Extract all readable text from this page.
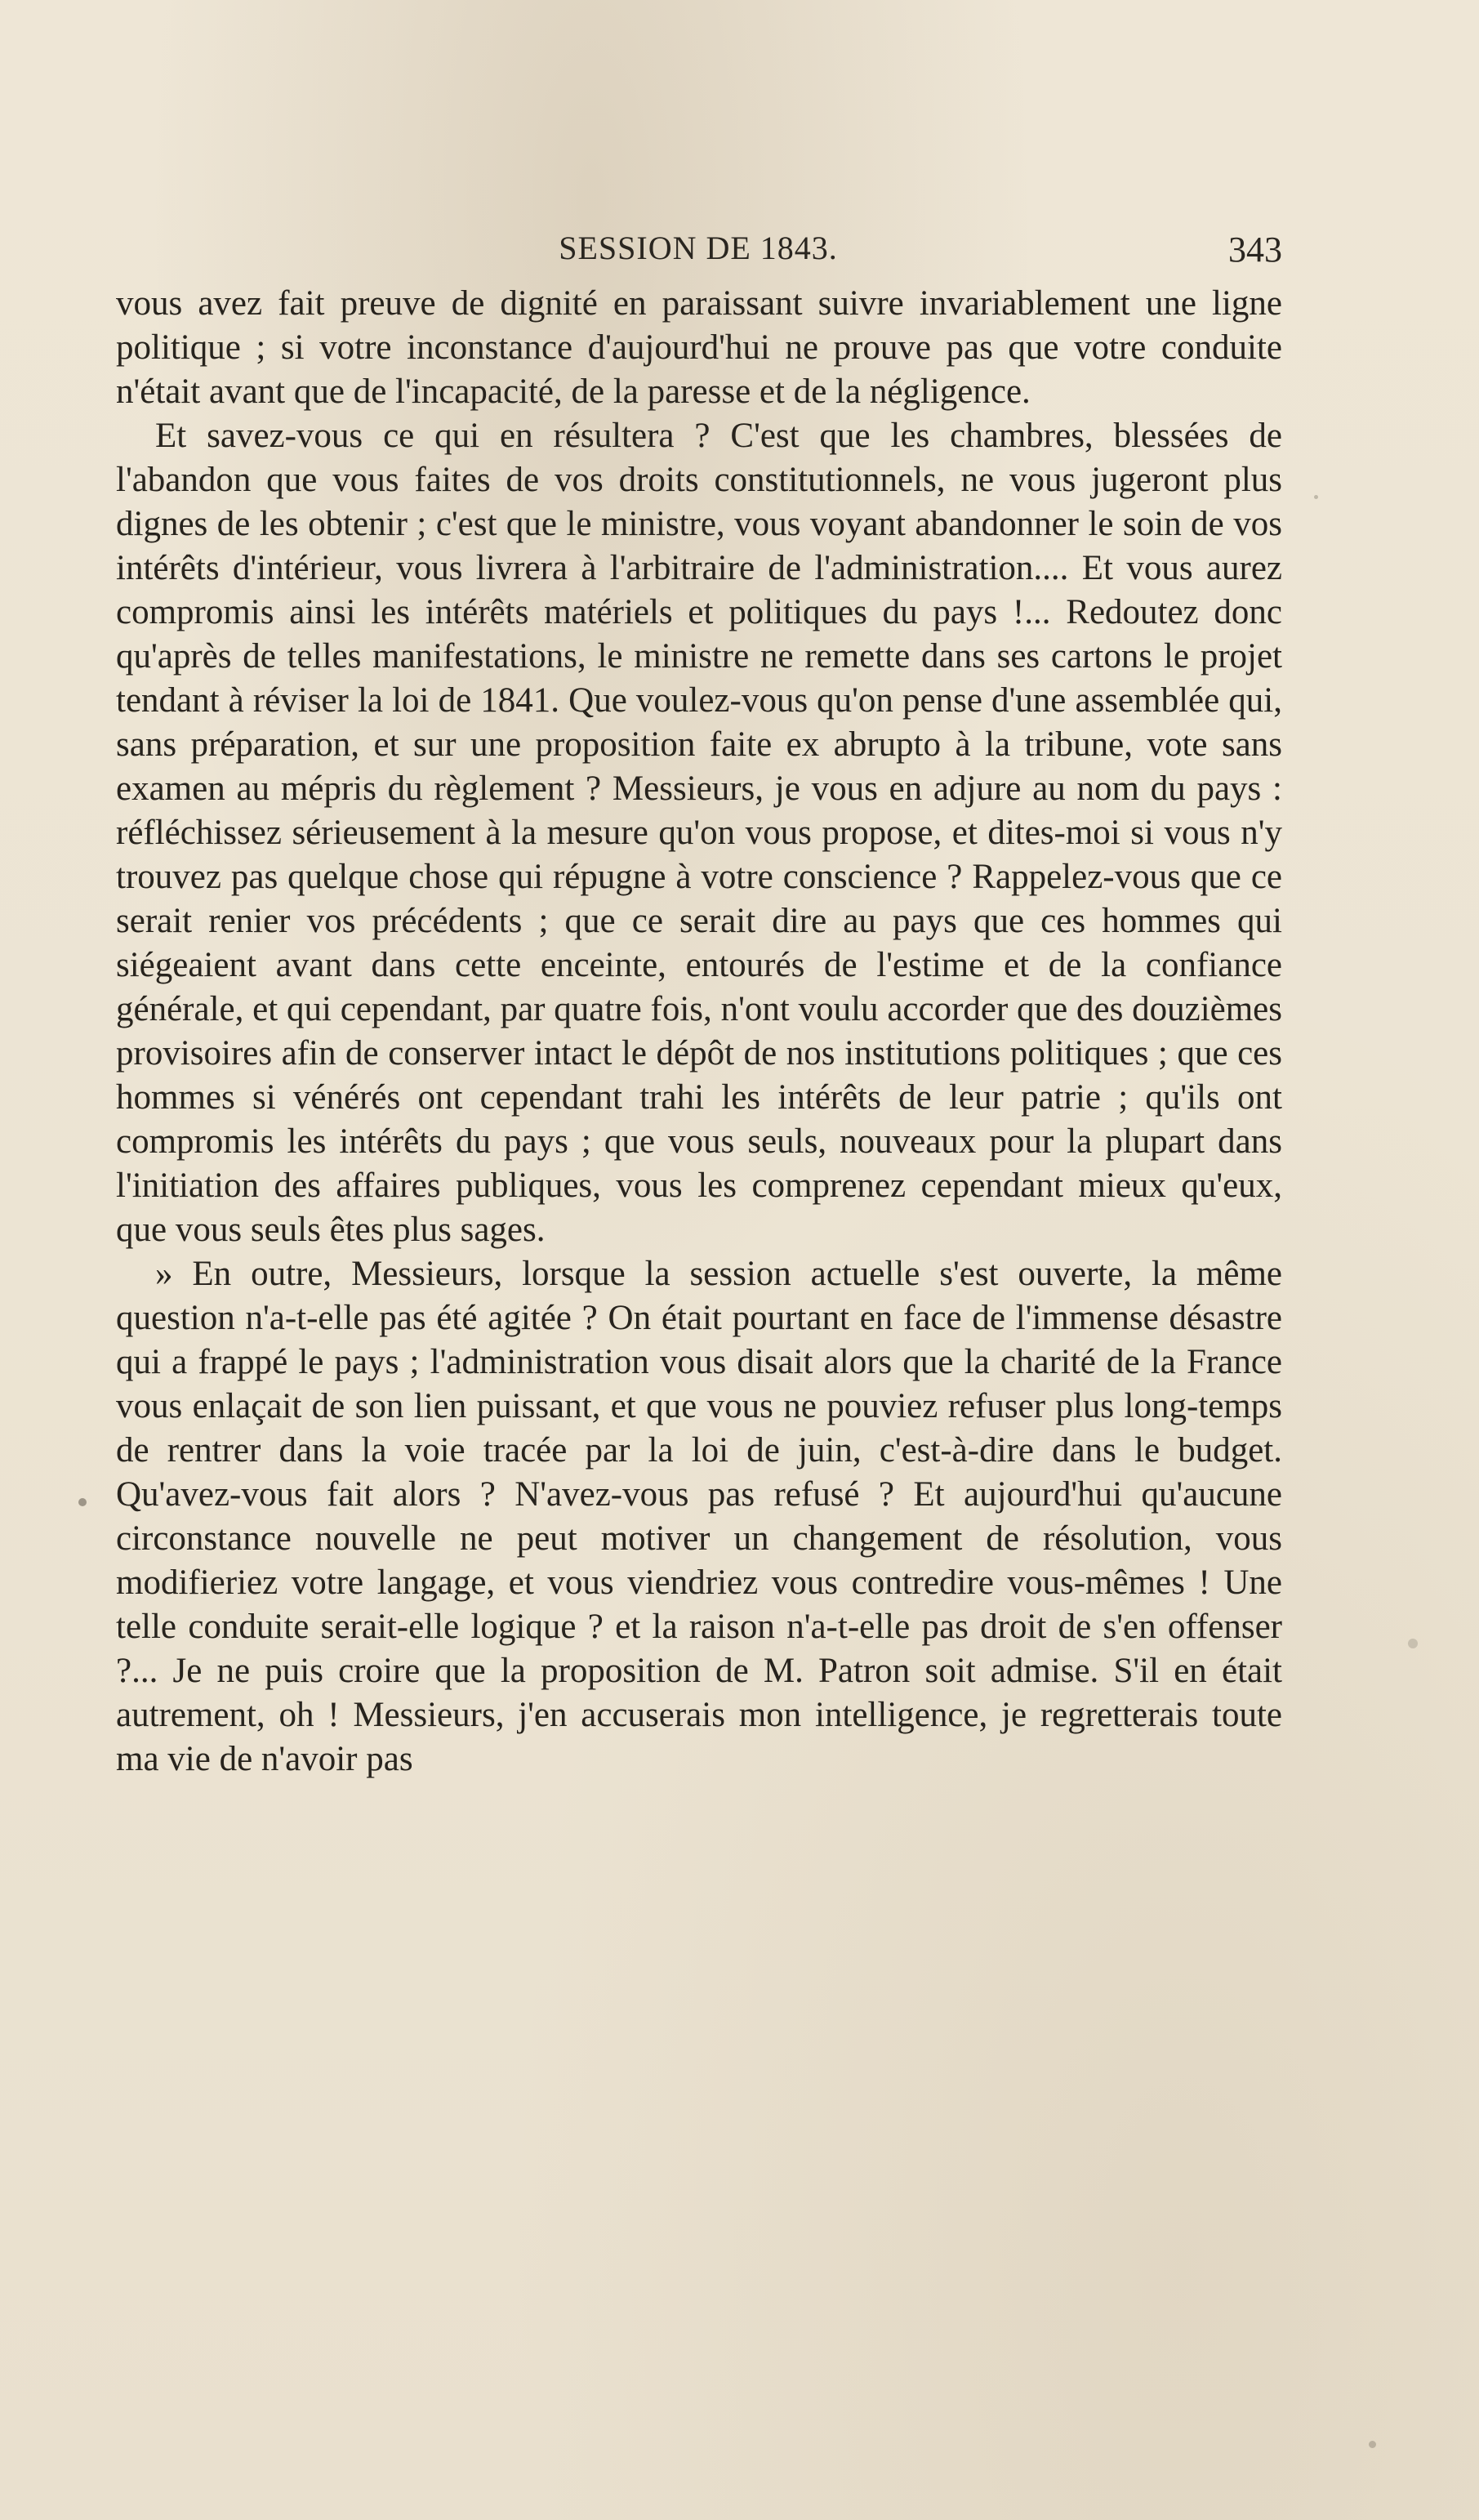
SESSION DE 1843.	343

vous avez fait preuve de dignité en paraissant suivre invariablement une ligne politique ; si votre inconstance d'aujourd'hui ne prouve pas que votre conduite n'était avant que de l'incapacité, de la paresse et de la négligence.

Et savez-vous ce qui en résultera ? C'est que les chambres, blessées de l'abandon que vous faites de vos droits constitutionnels, ne vous jugeront plus dignes de les obtenir ; c'est que le ministre, vous voyant abandonner le soin de vos intérêts d'intérieur, vous livrera à l'arbitraire de l'administration.... Et vous aurez compromis ainsi les intérêts matériels et politiques du pays !... Redoutez donc qu'après de telles manifestations, le ministre ne remette dans ses cartons le projet tendant à réviser la loi de 1841. Que voulez-vous qu'on pense d'une assemblée qui, sans préparation, et sur une proposition faite ex abrupto à la tribune, vote sans examen au mépris du règlement ? Messieurs, je vous en adjure au nom du pays : réfléchissez sérieusement à la mesure qu'on vous propose, et dites-moi si vous n'y trouvez pas quelque chose qui répugne à votre conscience ? Rappelez-vous que ce serait renier vos précédents ; que ce serait dire au pays que ces hommes qui siégeaient avant dans cette enceinte, entourés de l'estime et de la confiance générale, et qui cependant, par quatre fois, n'ont voulu accorder que des douzièmes provisoires afin de conserver intact le dépôt de nos institutions politiques ; que ces hommes si vénérés ont cependant trahi les intérêts de leur patrie ; qu'ils ont compromis les intérêts du pays ; que vous seuls, nouveaux pour la plupart dans l'initiation des affaires publiques, vous les comprenez cependant mieux qu'eux, que vous seuls êtes plus sages.

» En outre, Messieurs, lorsque la session actuelle s'est ouverte, la même question n'a-t-elle pas été agitée ? On était pourtant en face de l'immense désastre qui a frappé le pays ; l'administration vous disait alors que la charité de la France vous enlaçait de son lien puissant, et que vous ne pouviez refuser plus long-temps de rentrer dans la voie tracée par la loi de juin, c'est-à-dire dans le budget. Qu'avez-vous fait alors ? N'avez-vous pas refusé ? Et aujourd'hui qu'aucune circonstance nouvelle ne peut motiver un changement de résolution, vous modifieriez votre langage, et vous viendriez vous contredire vous-mêmes ! Une telle conduite serait-elle logique ? et la raison n'a-t-elle pas droit de s'en offenser ?... Je ne puis croire que la proposition de M. Patron soit admise. S'il en était autrement, oh ! Messieurs, j'en accuserais mon intelligence, je regretterais toute ma vie de n'avoir pas
